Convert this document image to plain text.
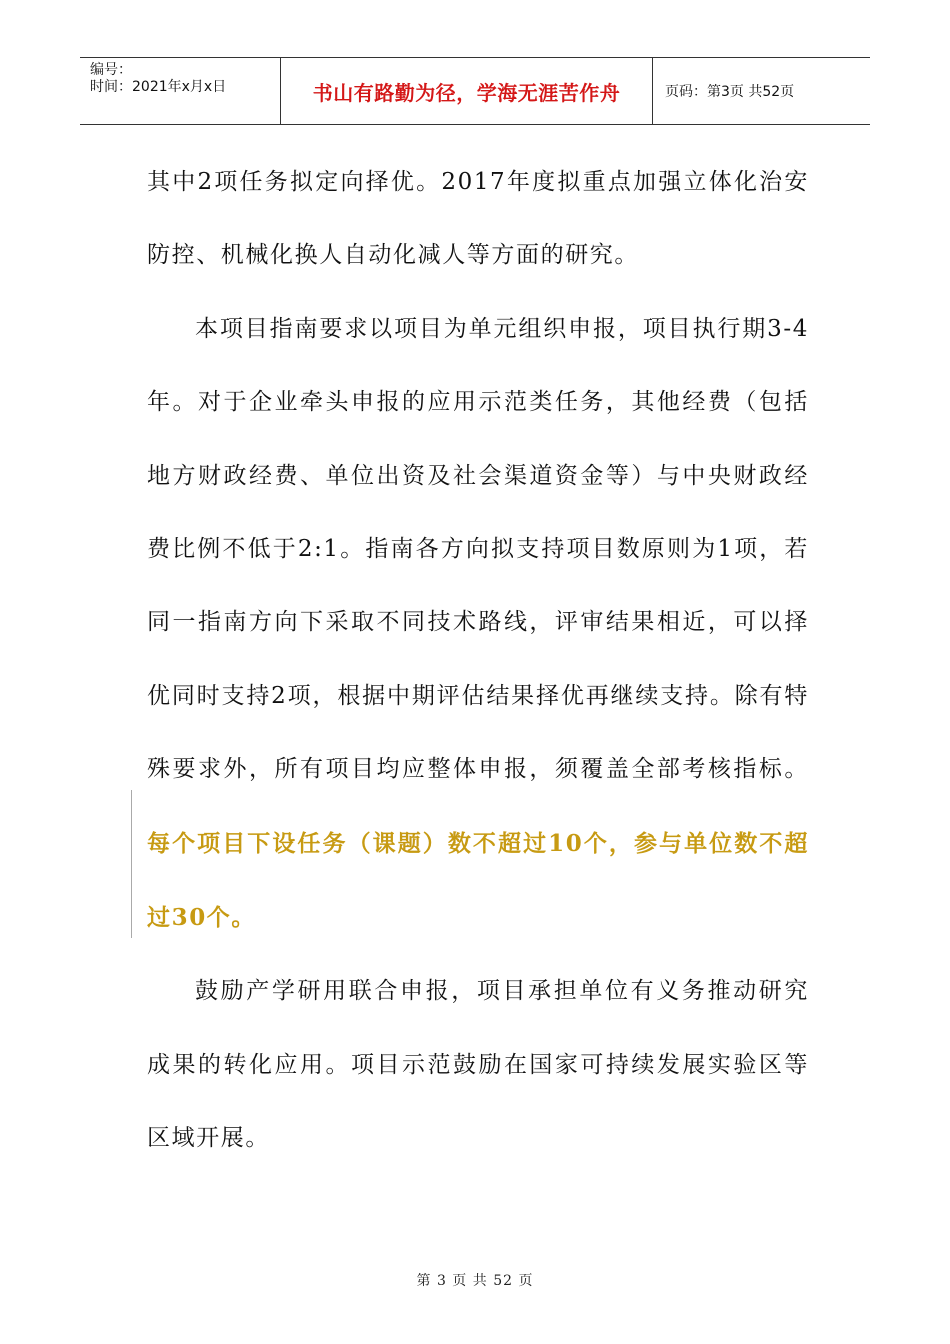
编号：
时间：2021年x月x日	书山有路勤为径，学海无涯苦作舟	页码：第3页 共52页

其中2项任务拟定向择优。2017年度拟重点加强立体化治安防控、机械化换人自动化减人等方面的研究。

本项目指南要求以项目为单元组织申报，项目执行期3-4年。对于企业牵头申报的应用示范类任务，其他经费（包括地方财政经费、单位出资及社会渠道资金等）与中央财政经费比例不低于2:1。指南各方向拟支持项目数原则为1项，若同一指南方向下采取不同技术路线，评审结果相近，可以择优同时支持2项，根据中期评估结果择优再继续支持。除有特殊要求外，所有项目均应整体申报，须覆盖全部考核指标。每个项目下设任务（课题）数不超过10个，参与单位数不超过30个。

鼓励产学研用联合申报，项目承担单位有义务推动研究成果的转化应用。项目示范鼓励在国家可持续发展实验区等区域开展。

第 3 页 共 52 页
